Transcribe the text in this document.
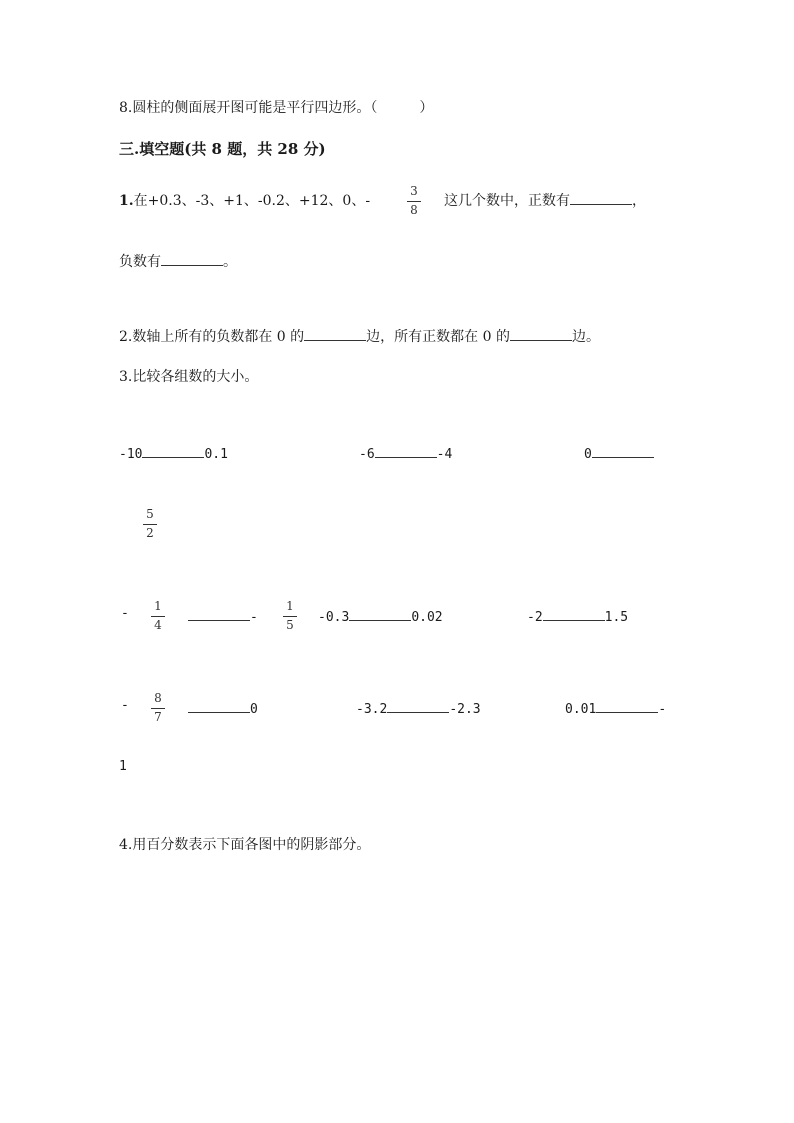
8.圆柱的侧面展开图可能是平行四边形。（　　　）
三.填空题(共 8 题，共 28 分)
1.在+0.3、-3、+1、-0.2、+12、0、-
3
8
这几个数中，正数有	，
负数有	。
2.数轴上所有的负数都在 0 的	边，所有正数都在 0 的	边。
3.比较各组数的大小。
-10	0.1	-6	-4	0
5
2
-	1
4	-
1
5	-0.3	0.02	-2	1.5
-	8
7	0	-3.2	-2.3	0.01	-
1
4.用百分数表示下面各图中的阴影部分。
